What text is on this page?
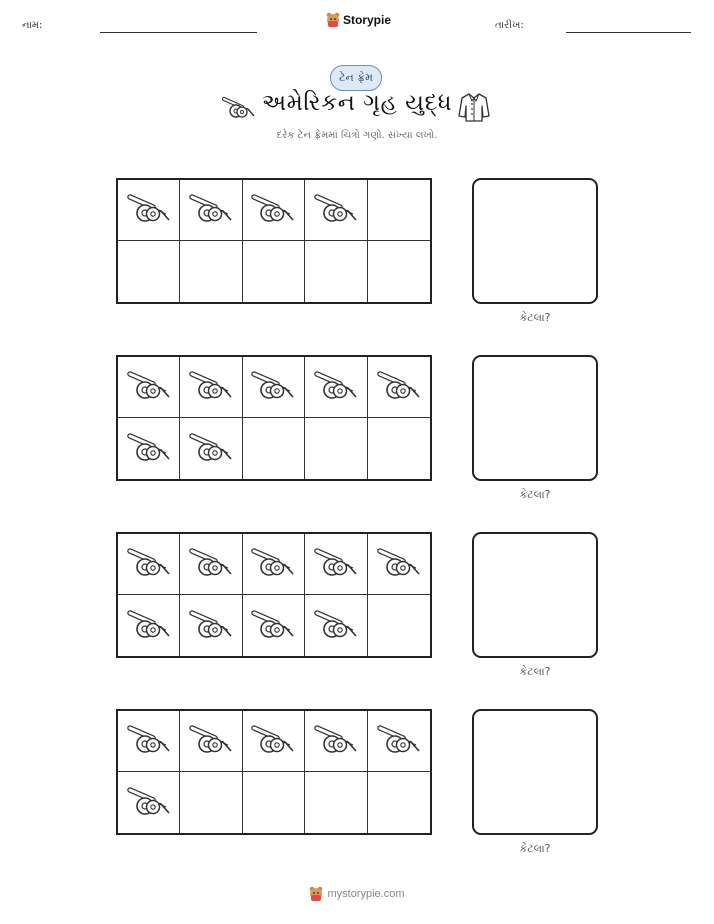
નામ:	Storypie	તારીખ:
ટેન ફ્રેમ
અમેરિકન ગૃહ યુદ્ધ
દરેક ટેન ફ્રેમમાં ચિત્રો ગણો. સંખ્યા લખો.
કેટલા?
કેટલા?
કેટલા?
કેટલા?
mystorypie.com
